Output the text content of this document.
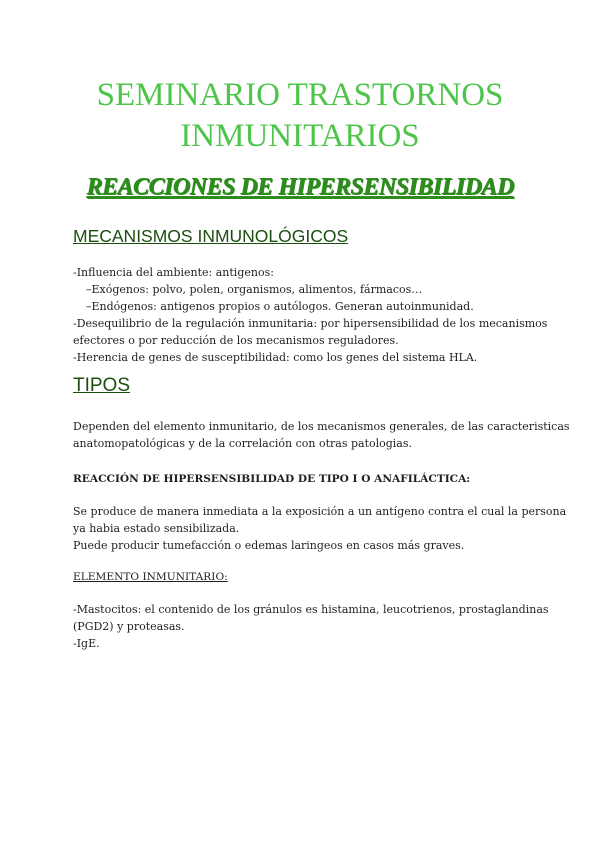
SEMINARIO TRASTORNOS
INMUNITARIOS
REACCIONES DE HIPERSENSIBILIDAD
MECANISMOS INMUNOLÓGICOS
-Influencia del ambiente: antigenos:
–Exógenos: polvo, polen, organismos, alimentos, fármacos…
–Endógenos: antigenos propios o autólogos. Generan autoinmunidad.
-Desequilibrio de la regulación inmunitaria: por hipersensibilidad de los mecanismos
efectores o por reducción de los mecanismos reguladores.
-Herencia de genes de susceptibilidad: como los genes del sistema HLA.
TIPOS
Dependen del elemento inmunitario, de los mecanismos generales, de las caracteristicas
anatomopatológicas y de la correlación con otras patologias.
REACCIÓN DE HIPERSENSIBILIDAD DE TIPO I O ANAFILÁCTICA:
Se produce de manera inmediata a la exposición a un antígeno contra el cual la persona
ya habia estado sensibilizada.
Puede producir tumefacción o edemas laringeos en casos más graves.
ELEMENTO INMUNITARIO:
-Mastocitos: el contenido de los gránulos es histamina, leucotrienos, prostaglandinas
(PGD2) y proteasas.
-IgE.
